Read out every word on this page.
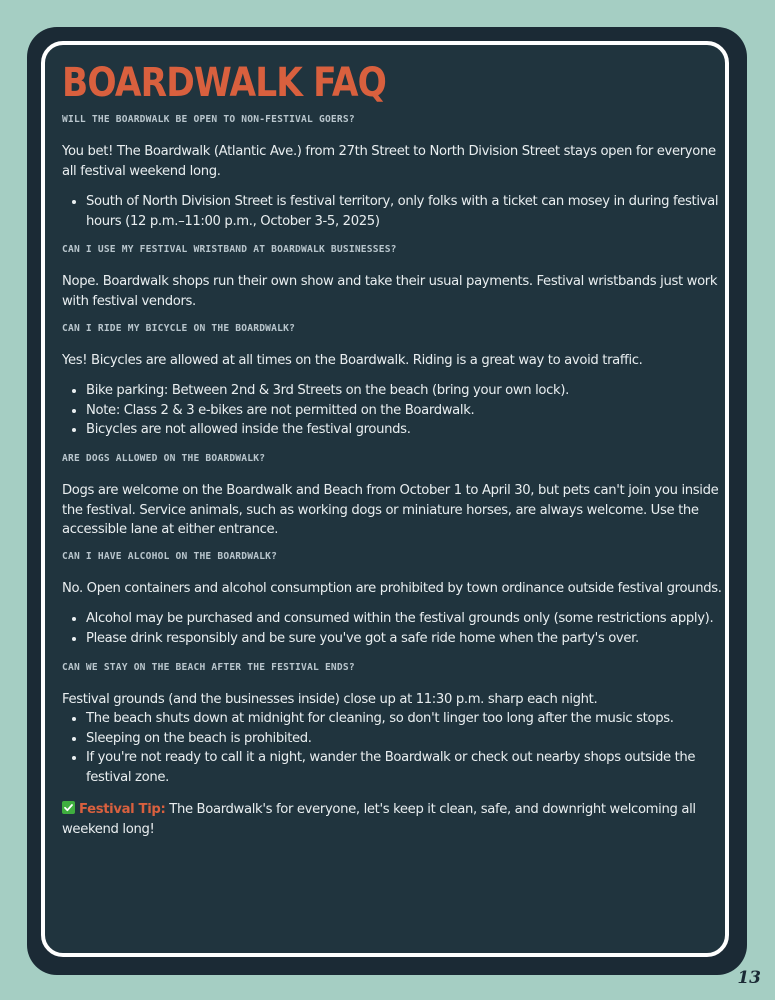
BOARDWALK FAQ
WILL THE BOARDWALK BE OPEN TO NON-FESTIVAL GOERS?

You bet! The Boardwalk (Atlantic Ave.) from 27th Street to North Division Street stays open for everyone all festival weekend long.

• South of North Division Street is festival territory, only folks with a ticket can mosey in during festival hours (12 p.m.–11:00 p.m., October 3-5, 2025)
CAN I USE MY FESTIVAL WRISTBAND AT BOARDWALK BUSINESSES?

Nope. Boardwalk shops run their own show and take their usual payments. Festival wristbands just work with festival vendors.

CAN I RIDE MY BICYCLE ON THE BOARDWALK?

Yes! Bicycles are allowed at all times on the Boardwalk. Riding is a great way to avoid traffic.

• Bike parking: Between 2nd & 3rd Streets on the beach (bring your own lock).
• Note: Class 2 & 3 e-bikes are not permitted on the Boardwalk.
• Bicycles are not allowed inside the festival grounds.
ARE DOGS ALLOWED ON THE BOARDWALK?

Dogs are welcome on the Boardwalk and Beach from October 1 to April 30, but pets can't join you inside the festival. Service animals, such as working dogs or miniature horses, are always welcome. Use the accessible lane at either entrance.

CAN I HAVE ALCOHOL ON THE BOARDWALK?

No. Open containers and alcohol consumption are prohibited by town ordinance outside festival grounds.

• Alcohol may be purchased and consumed within the festival grounds only (some restrictions apply).
• Please drink responsibly and be sure you've got a safe ride home when the party's over.
CAN WE STAY ON THE BEACH AFTER THE FESTIVAL ENDS?

Festival grounds (and the businesses inside) close up at 11:30 p.m. sharp each night.

• The beach shuts down at midnight for cleaning, so don't linger too long after the music stops.
• Sleeping on the beach is prohibited.
• If you're not ready to call it a night, wander the Boardwalk or check out nearby shops outside the festival zone.
Festival Tip: The Boardwalk's for everyone, let's keep it clean, safe, and downright welcoming all weekend long!
13
